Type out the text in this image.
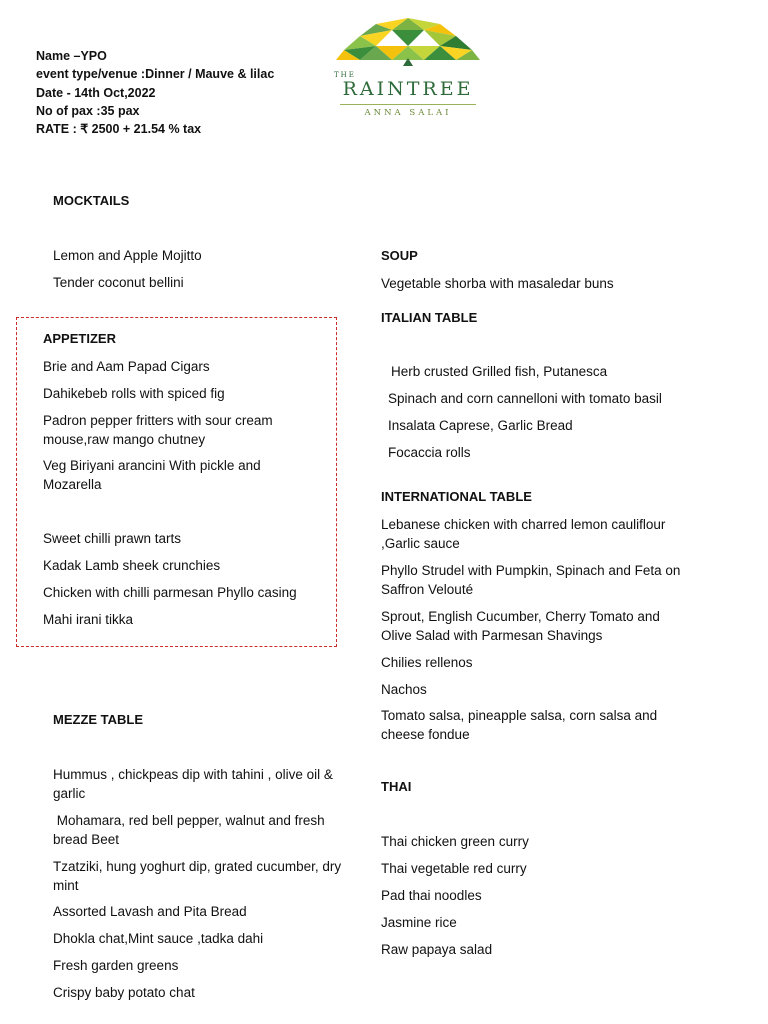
Name –YPO
event type/venue :Dinner / Mauve & lilac
Date - 14th Oct,2022
No of pax :35 pax
RATE : ₹ 2500 + 21.54 % tax
THE
RAINTREE
ANNA SALAI
MOCKTAILS
Lemon and Apple Mojitto
Tender coconut bellini
APPETIZER
Brie and Aam Papad Cigars
Dahikebeb rolls with spiced fig
Padron pepper fritters with sour cream mouse,raw mango chutney
Veg Biriyani arancini With pickle and Mozarella
Sweet chilli prawn tarts
Kadak Lamb sheek crunchies
Chicken with chilli parmesan Phyllo casing
Mahi irani tikka
MEZZE TABLE
Hummus , chickpeas dip with tahini , olive oil & garlic
Mohamara, red bell pepper, walnut and fresh bread Beet
Tzatziki, hung yoghurt dip, grated cucumber, dry mint
Assorted Lavash and Pita Bread
Dhokla chat,Mint sauce ,tadka dahi
Fresh garden greens
Crispy baby potato chat
SOUP
Vegetable shorba with masaledar buns
ITALIAN TABLE
Herb crusted Grilled fish, Putanesca
Spinach and corn cannelloni with tomato basil
Insalata Caprese, Garlic Bread
Focaccia rolls
INTERNATIONAL TABLE
Lebanese chicken with charred lemon cauliflour ,Garlic sauce
Phyllo Strudel with Pumpkin, Spinach and Feta on Saffron Velouté
Sprout, English Cucumber, Cherry Tomato and Olive Salad with Parmesan Shavings
Chilies rellenos
Nachos
Tomato salsa, pineapple salsa, corn salsa and cheese fondue
THAI
Thai chicken green curry
Thai vegetable red curry
Pad thai noodles
Jasmine rice
Raw papaya salad
